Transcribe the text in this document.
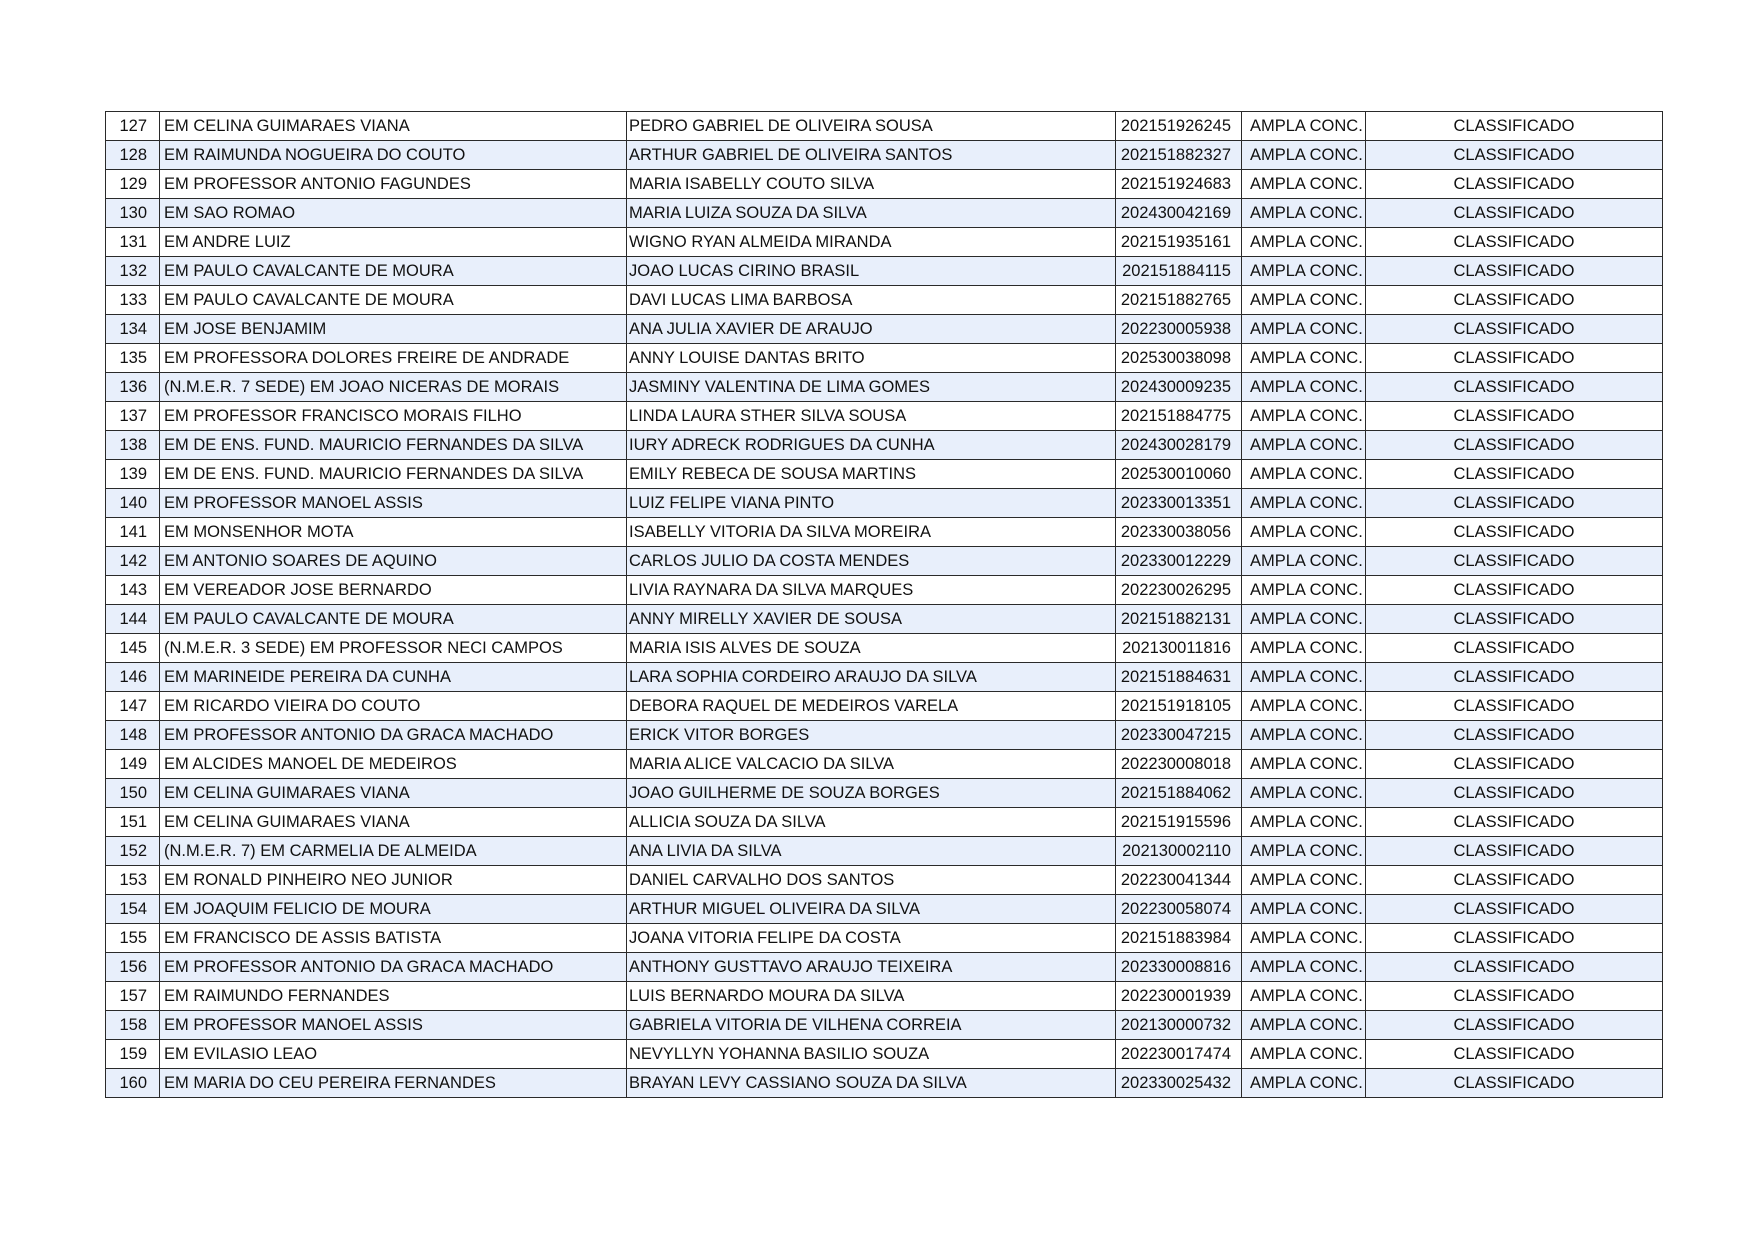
127	EM CELINA GUIMARAES VIANA	PEDRO GABRIEL DE OLIVEIRA SOUSA	202151926245	AMPLA CONC.	CLASSIFICADO
128	EM RAIMUNDA NOGUEIRA DO COUTO	ARTHUR GABRIEL DE OLIVEIRA SANTOS	202151882327	AMPLA CONC.	CLASSIFICADO
129	EM PROFESSOR ANTONIO FAGUNDES	MARIA ISABELLY COUTO SILVA	202151924683	AMPLA CONC.	CLASSIFICADO
130	EM SAO ROMAO	MARIA LUIZA SOUZA DA SILVA	202430042169	AMPLA CONC.	CLASSIFICADO
131	EM ANDRE LUIZ	WIGNO RYAN ALMEIDA MIRANDA	202151935161	AMPLA CONC.	CLASSIFICADO
132	EM PAULO CAVALCANTE DE MOURA	JOAO LUCAS CIRINO BRASIL	202151884115	AMPLA CONC.	CLASSIFICADO
133	EM PAULO CAVALCANTE DE MOURA	DAVI LUCAS LIMA BARBOSA	202151882765	AMPLA CONC.	CLASSIFICADO
134	EM JOSE BENJAMIM	ANA JULIA XAVIER DE ARAUJO	202230005938	AMPLA CONC.	CLASSIFICADO
135	EM PROFESSORA DOLORES FREIRE DE ANDRADE	ANNY LOUISE DANTAS BRITO	202530038098	AMPLA CONC.	CLASSIFICADO
136	(N.M.E.R. 7 SEDE) EM JOAO NICERAS DE MORAIS	JASMINY VALENTINA DE LIMA GOMES	202430009235	AMPLA CONC.	CLASSIFICADO
137	EM PROFESSOR FRANCISCO MORAIS FILHO	LINDA LAURA STHER SILVA SOUSA	202151884775	AMPLA CONC.	CLASSIFICADO
138	EM DE ENS. FUND. MAURICIO FERNANDES DA SILVA	IURY ADRECK RODRIGUES DA CUNHA	202430028179	AMPLA CONC.	CLASSIFICADO
139	EM DE ENS. FUND. MAURICIO FERNANDES DA SILVA	EMILY REBECA DE SOUSA MARTINS	202530010060	AMPLA CONC.	CLASSIFICADO
140	EM PROFESSOR MANOEL ASSIS	LUIZ FELIPE VIANA PINTO	202330013351	AMPLA CONC.	CLASSIFICADO
141	EM MONSENHOR MOTA	ISABELLY VITORIA DA SILVA MOREIRA	202330038056	AMPLA CONC.	CLASSIFICADO
142	EM ANTONIO SOARES DE AQUINO	CARLOS JULIO DA COSTA MENDES	202330012229	AMPLA CONC.	CLASSIFICADO
143	EM VEREADOR JOSE BERNARDO	LIVIA RAYNARA DA SILVA MARQUES	202230026295	AMPLA CONC.	CLASSIFICADO
144	EM PAULO CAVALCANTE DE MOURA	ANNY MIRELLY XAVIER DE SOUSA	202151882131	AMPLA CONC.	CLASSIFICADO
145	(N.M.E.R. 3 SEDE) EM PROFESSOR NECI CAMPOS	MARIA ISIS ALVES DE SOUZA	202130011816	AMPLA CONC.	CLASSIFICADO
146	EM MARINEIDE PEREIRA DA CUNHA	LARA SOPHIA CORDEIRO ARAUJO DA SILVA	202151884631	AMPLA CONC.	CLASSIFICADO
147	EM RICARDO VIEIRA DO COUTO	DEBORA RAQUEL DE MEDEIROS VARELA	202151918105	AMPLA CONC.	CLASSIFICADO
148	EM PROFESSOR ANTONIO DA GRACA MACHADO	ERICK VITOR BORGES	202330047215	AMPLA CONC.	CLASSIFICADO
149	EM ALCIDES MANOEL DE MEDEIROS	MARIA ALICE VALCACIO DA SILVA	202230008018	AMPLA CONC.	CLASSIFICADO
150	EM CELINA GUIMARAES VIANA	JOAO GUILHERME DE SOUZA BORGES	202151884062	AMPLA CONC.	CLASSIFICADO
151	EM CELINA GUIMARAES VIANA	ALLICIA SOUZA DA SILVA	202151915596	AMPLA CONC.	CLASSIFICADO
152	(N.M.E.R. 7) EM CARMELIA DE ALMEIDA	ANA LIVIA DA SILVA	202130002110	AMPLA CONC.	CLASSIFICADO
153	EM RONALD PINHEIRO NEO JUNIOR	DANIEL CARVALHO DOS SANTOS	202230041344	AMPLA CONC.	CLASSIFICADO
154	EM JOAQUIM FELICIO DE MOURA	ARTHUR MIGUEL OLIVEIRA DA SILVA	202230058074	AMPLA CONC.	CLASSIFICADO
155	EM FRANCISCO DE ASSIS BATISTA	JOANA VITORIA FELIPE DA COSTA	202151883984	AMPLA CONC.	CLASSIFICADO
156	EM PROFESSOR ANTONIO DA GRACA MACHADO	ANTHONY GUSTTAVO ARAUJO TEIXEIRA	202330008816	AMPLA CONC.	CLASSIFICADO
157	EM RAIMUNDO FERNANDES	LUIS BERNARDO MOURA DA SILVA	202230001939	AMPLA CONC.	CLASSIFICADO
158	EM PROFESSOR MANOEL ASSIS	GABRIELA VITORIA DE VILHENA CORREIA	202130000732	AMPLA CONC.	CLASSIFICADO
159	EM EVILASIO LEAO	NEVYLLYN YOHANNA BASILIO SOUZA	202230017474	AMPLA CONC.	CLASSIFICADO
160	EM MARIA DO CEU PEREIRA FERNANDES	BRAYAN LEVY CASSIANO SOUZA DA SILVA	202330025432	AMPLA CONC.	CLASSIFICADO
